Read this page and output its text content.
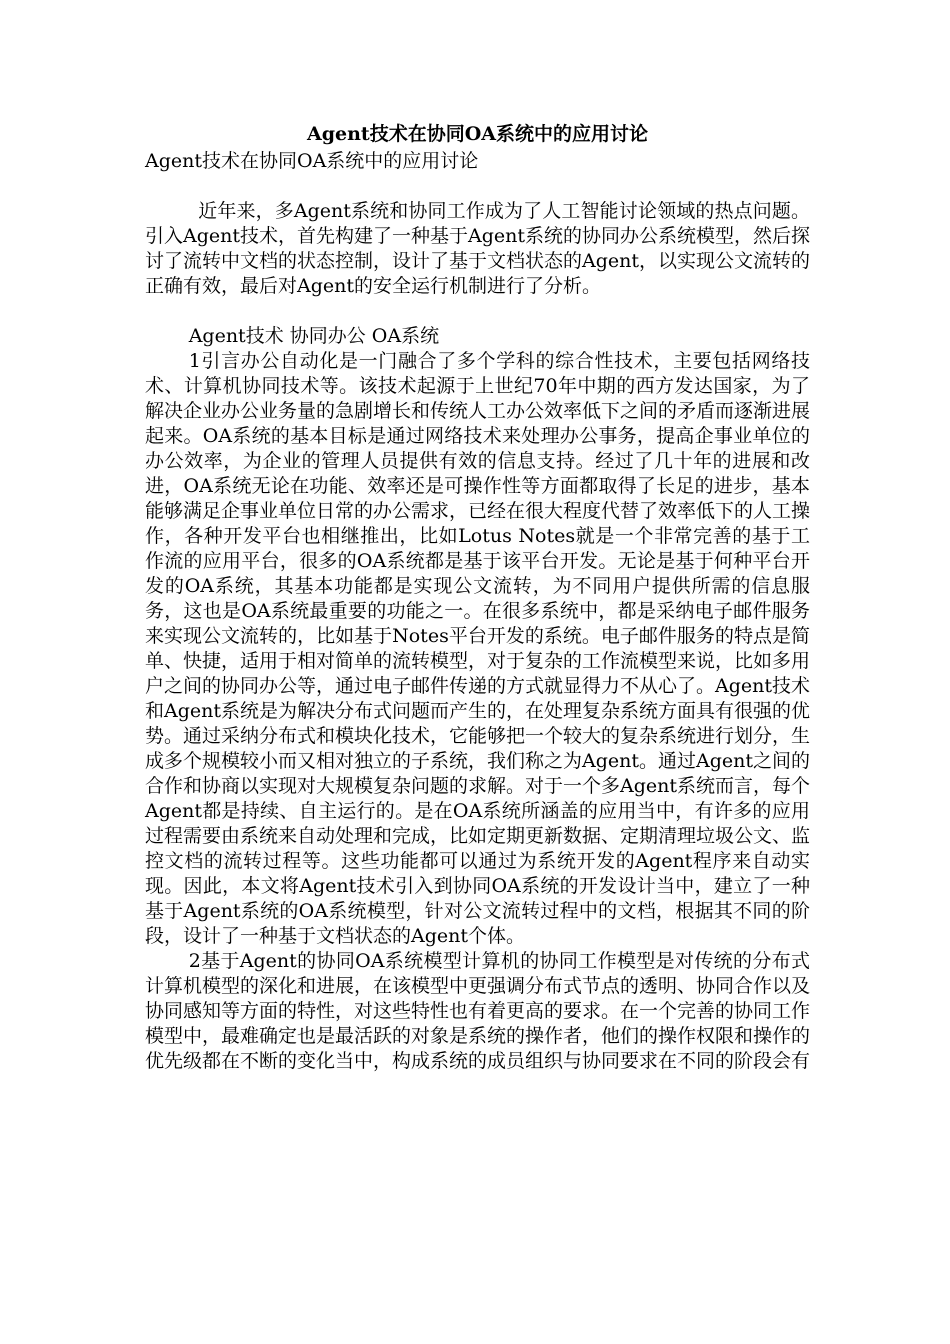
Agent技术在协同OA系统中的应用讨论

Agent技术在协同OA系统中的应用讨论

近年来，多Agent系统和协同工作成为了人工智能讨论领域的热点问题。引入Agent技术，首先构建了一种基于Agent系统的协同办公系统模型，然后探讨了流转中文档的状态控制，设计了基于文档状态的Agent，以实现公文流转的正确有效，最后对Agent的安全运行机制进行了分析。

Agent技术 协同办公 OA系统

1引言办公自动化是一门融合了多个学科的综合性技术，主要包括网络技术、计算机协同技术等。该技术起源于上世纪70年中期的西方发达国家，为了解决企业办公业务量的急剧增长和传统人工办公效率低下之间的矛盾而逐渐进展起来。OA系统的基本目标是通过网络技术来处理办公事务，提高企事业单位的办公效率，为企业的管理人员提供有效的信息支持。经过了几十年的进展和改进，OA系统无论在功能、效率还是可操作性等方面都取得了长足的进步，基本能够满足企事业单位日常的办公需求，已经在很大程度代替了效率低下的人工操作，各种开发平台也相继推出，比如Lotus Notes就是一个非常完善的基于工作流的应用平台，很多的OA系统都是基于该平台开发。无论是基于何种平台开发的OA系统，其基本功能都是实现公文流转，为不同用户提供所需的信息服务，这也是OA系统最重要的功能之一。在很多系统中，都是采纳电子邮件服务来实现公文流转的，比如基于Notes平台开发的系统。电子邮件服务的特点是简单、快捷，适用于相对简单的流转模型，对于复杂的工作流模型来说，比如多用户之间的协同办公等，通过电子邮件传递的方式就显得力不从心了。Agent技术和Agent系统是为解决分布式问题而产生的，在处理复杂系统方面具有很强的优势。通过采纳分布式和模块化技术，它能够把一个较大的复杂系统进行划分，生成多个规模较小而又相对独立的子系统，我们称之为Agent。通过Agent之间的合作和协商以实现对大规模复杂问题的求解。对于一个多Agent系统而言，每个Agent都是持续、自主运行的。是在OA系统所涵盖的应用当中，有许多的应用过程需要由系统来自动处理和完成，比如定期更新数据、定期清理垃圾公文、监控文档的流转过程等。这些功能都可以通过为系统开发的Agent程序来自动实现。因此，本文将Agent技术引入到协同OA系统的开发设计当中，建立了一种基于Agent系统的OA系统模型，针对公文流转过程中的文档，根据其不同的阶段，设计了一种基于文档状态的Agent个体。

2基于Agent的协同OA系统模型计算机的协同工作模型是对传统的分布式计算机模型的深化和进展，在该模型中更强调分布式节点的透明、协同合作以及协同感知等方面的特性，对这些特性也有着更高的要求。在一个完善的协同工作模型中，最难确定也是最活跃的对象是系统的操作者，他们的操作权限和操作的优先级都在不断的变化当中，构成系统的成员组织与协同要求在不同的阶段会有
